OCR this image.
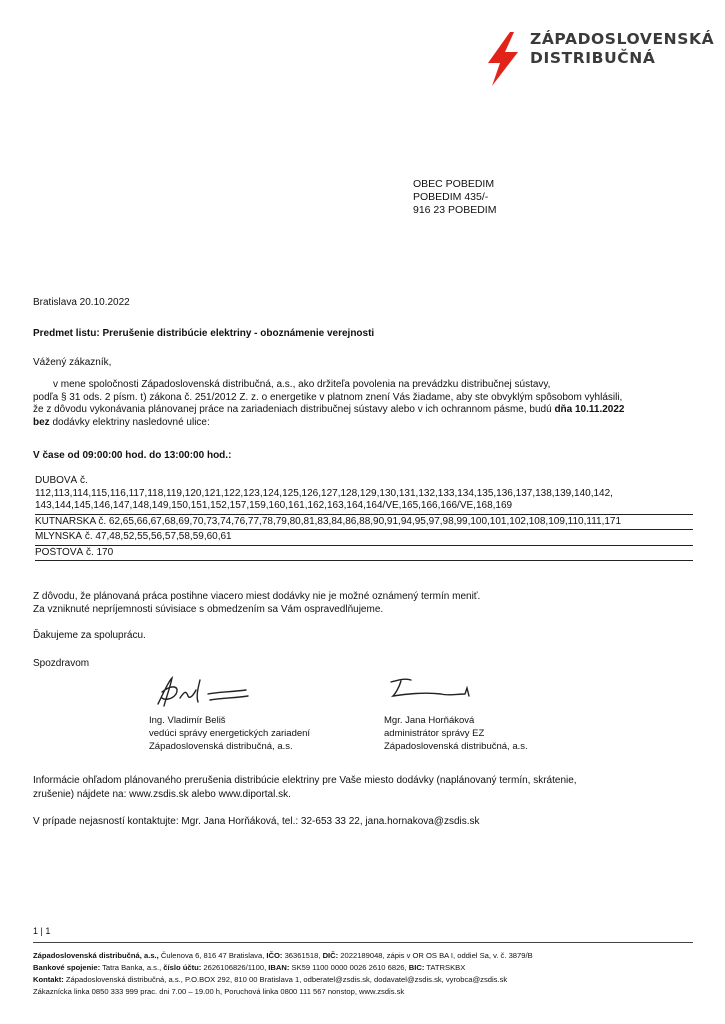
ZÁPADOSLOVENSKÁ
DISTRIBUČNÁ
OBEC POBEDIM
POBEDIM 435/-
916 23 POBEDIM
Bratislava 20.10.2022
Predmet listu: Prerušenie distribúcie elektriny - oboznámenie verejnosti
Vážený zákazník,
v mene spoločnosti Západoslovenská distribučná, a.s., ako držiteľa povolenia na prevádzku distribučnej sústavy,
podľa § 31 ods. 2 písm. t) zákona č. 251/2012 Z. z. o energetike v platnom znení Vás žiadame, aby ste obvyklým spôsobom vyhlásili,
že z dôvodu vykonávania plánovanej práce na zariadeniach distribučnej sústavy alebo v ich ochrannom pásme, budú dňa 10.11.2022
bez dodávky elektriny nasledovné ulice:
V čase od 09:00:00 hod. do 13:00:00 hod.:
DUBOVÁ č.
112,113,114,115,116,117,118,119,120,121,122,123,124,125,126,127,128,129,130,131,132,133,134,135,136,137,138,139,140,142,
143,144,145,146,147,148,149,150,151,152,157,159,160,161,162,163,164,164/VE,165,166,166/VE,168,169
KUTNÁRSKA č. 62,65,66,67,68,69,70,73,74,76,77,78,79,80,81,83,84,86,88,90,91,94,95,97,98,99,100,101,102,108,109,110,111,171
MLYNSKÁ č. 47,48,52,55,56,57,58,59,60,61
POŠTOVÁ č. 170
Z dôvodu, že plánovaná práca postihne viacero miest dodávky nie je možné oznámený termín meniť.
Za vzniknuté nepríjemnosti súvisiace s obmedzením sa Vám ospravedlňujeme.
Ďakujeme za spoluprácu.
Spozdravom
Ing. Vladimír Beliš
vedúci správy energetických zariadení
Západoslovenská distribučná, a.s.
Mgr. Jana Horňáková
administrátor správy EZ
Západoslovenská distribučná, a.s.
Informácie ohľadom plánovaného prerušenia distribúcie elektriny pre Vaše miesto dodávky (naplánovaný termín, skrátenie,
zrušenie) nájdete na: www.zsdis.sk alebo www.diportal.sk.
V prípade nejasností kontaktujte: Mgr. Jana Horňáková, tel.: 32-653 33 22, jana.hornakova@zsdis.sk
1 | 1
Západoslovenská distribučná, a.s., Čulenova 6, 816 47 Bratislava, IČO: 36361518, DIČ: 2022189048, zápis v OR OS BA I, oddiel Sa, v. č. 3879/B
Bankové spojenie: Tatra Banka, a.s., číslo účtu: 2626106826/1100, IBAN: SK59 1100 0000 0026 2610 6826, BIC: TATRSKBX
Kontakt: Západoslovenská distribučná, a.s., P.O.BOX 292, 810 00 Bratislava 1, odberatel@zsdis.sk, dodavatel@zsdis.sk, vyrobca@zsdis.sk
Zákaznícka linka 0850 333 999 prac. dni 7.00 – 19.00 h, Poruchová linka 0800 111 567 nonstop, www.zsdis.sk
